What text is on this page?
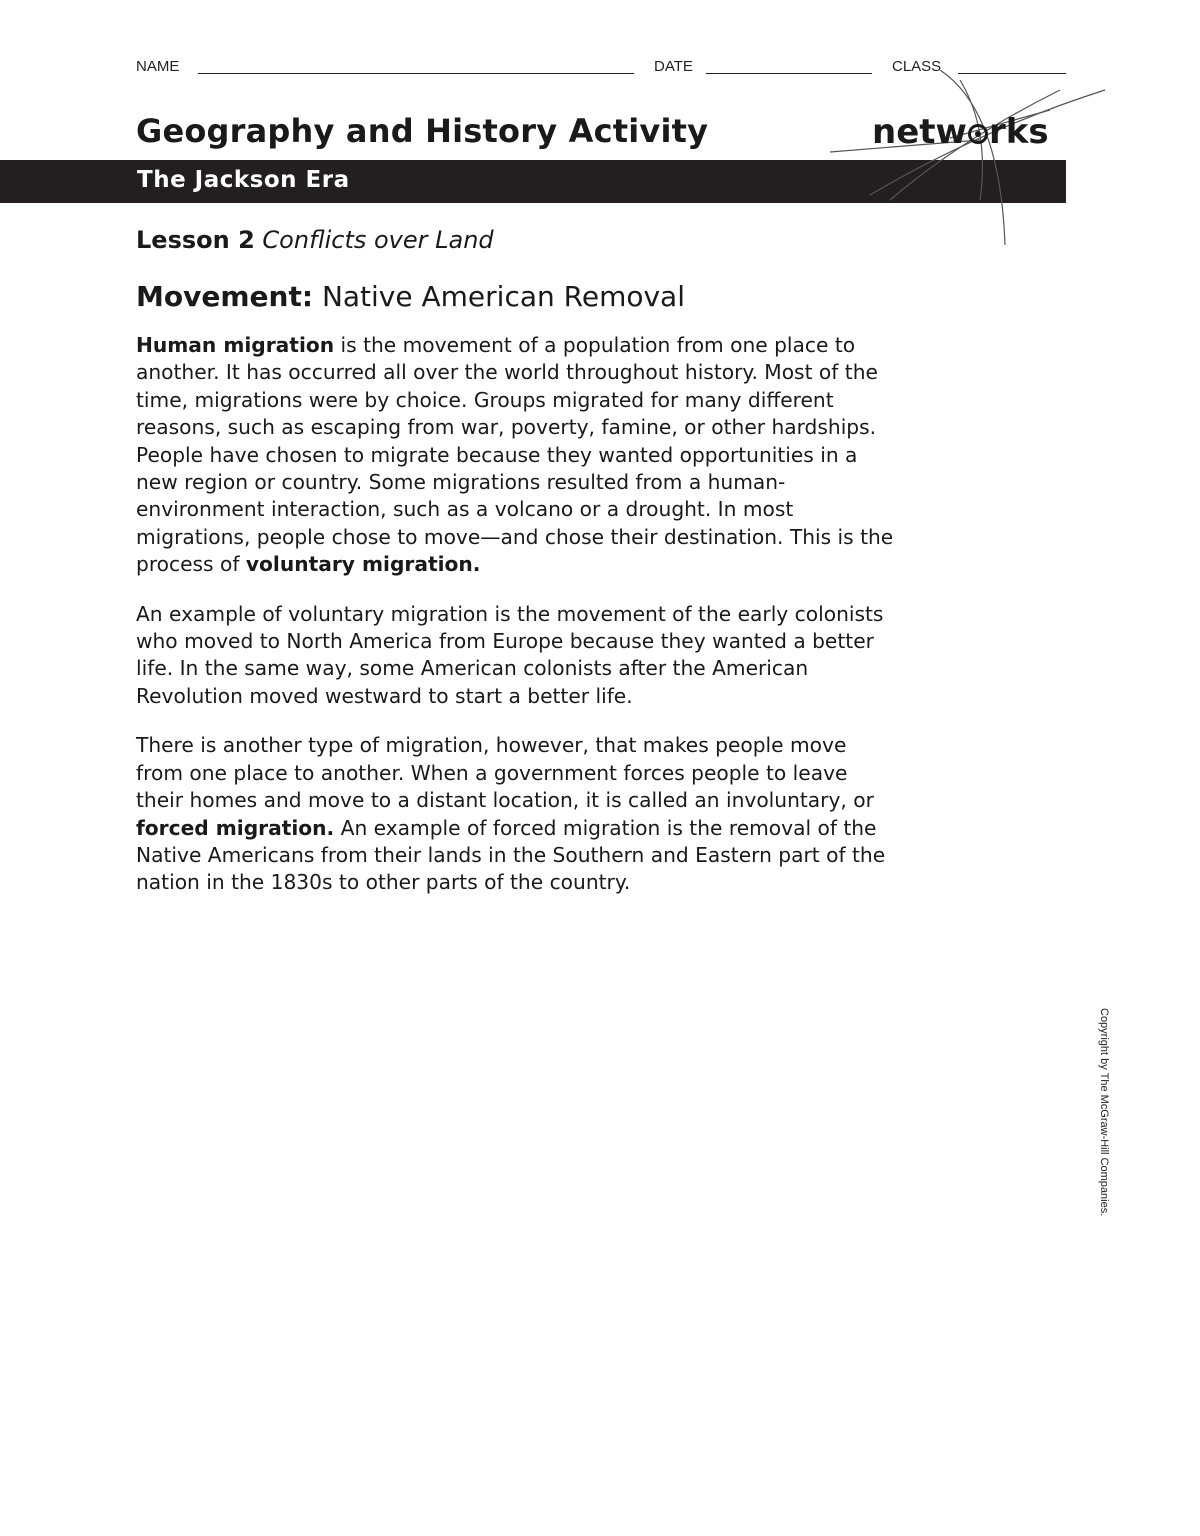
NAME	DATE	CLASS
Geography and History Activity	netw rks
The Jackson Era
Lesson 2 Conflicts over Land
Movement: Native American Removal

Human migration is the movement of a population from one place to another. It has occurred all over the world throughout history. Most of the time, migrations were by choice. Groups migrated for many different reasons, such as escaping from war, poverty, famine, or other hardships. People have chosen to migrate because they wanted opportunities in a new region or country. Some migrations resulted from a human-environment interaction, such as a volcano or a drought. In most migrations, people chose to move—and chose their destination. This is the process of voluntary migration.

An example of voluntary migration is the movement of the early colonists who moved to North America from Europe because they wanted a better life. In the same way, some American colonists after the American Revolution moved westward to start a better life.

There is another type of migration, however, that makes people move from one place to another. When a government forces people to leave their homes and move to a distant location, it is called an involuntary, or forced migration. An example of forced migration is the removal of the Native Americans from their lands in the Southern and Eastern part of the nation in the 1830s to other parts of the country.

Copyright by The McGraw-Hill Companies.
